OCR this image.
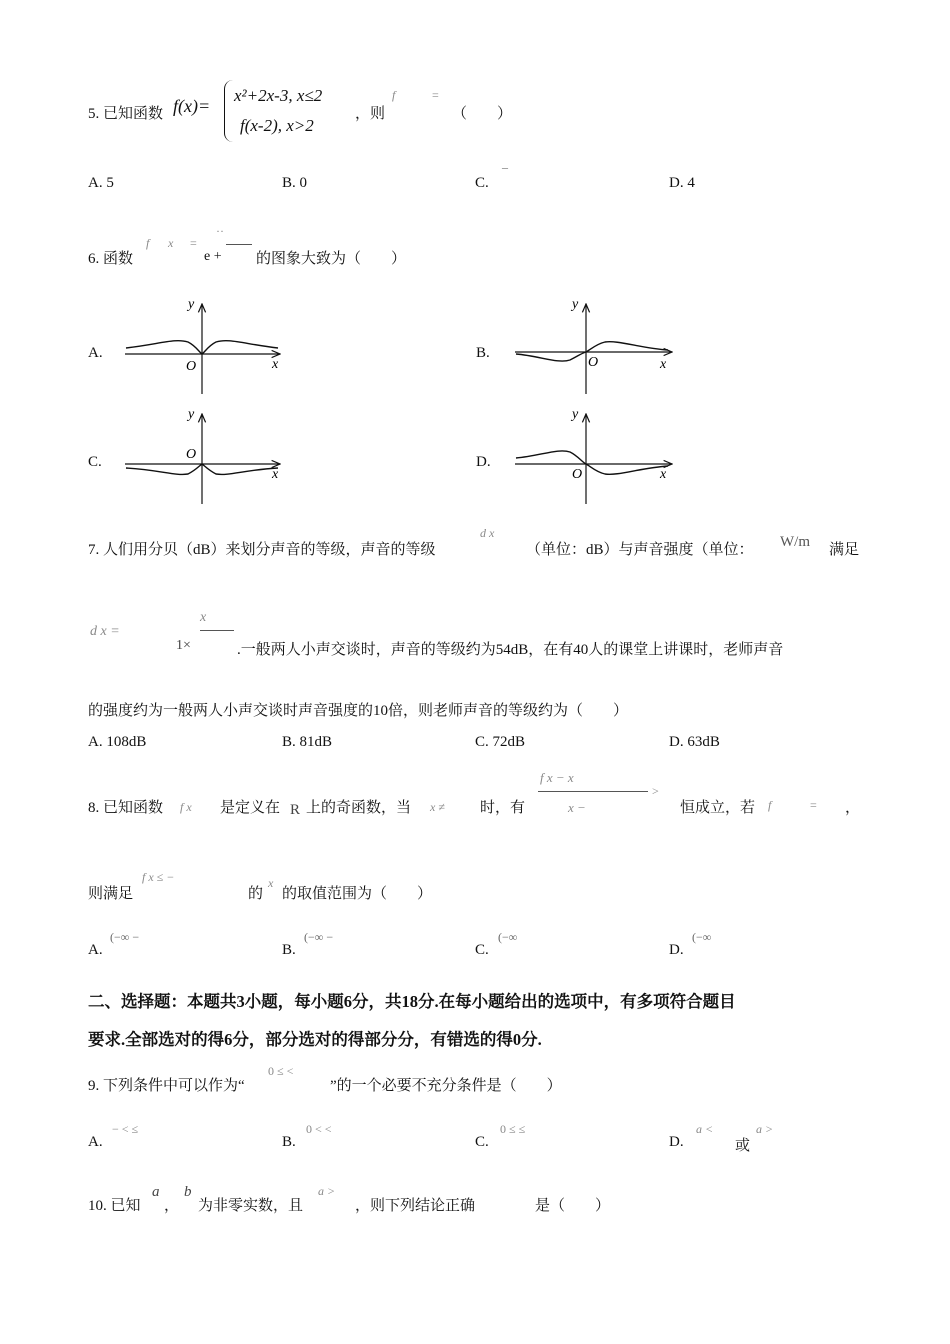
5. 已知函数 f(x)=
x²+2x-3, x≤2
f(x-2), x>2
，则
f	=
（　　）
A. 5	B. 0	C.
–
D. 4
6. 函数
f x =
··
e + 的图象大致为（　　）
A.
y
x
O
B.
y
x
O
C.
y
x
O	D.
y
x
O
7. 人们用分贝（dB）来划分声音的等级，声音的等级
d x
（单位：dB）与声音强度（单位： W/m 满足
d x =
x
1×	.一般两人小声交谈时，声音的等级约为54dB，在有40人的课堂上讲课时，老师声音
的强度约为一般两人小声交谈时声音强度的10倍，则老师声音的等级约为（　　）
A. 108dB	B. 81dB	C. 72dB	D. 63dB
8. 已知函数 f x 是定义在 R 上的奇函数，当 x ≠ 时，有
f x − x
x −
>
恒成立，若 f	= ，
则满足
f x ≤ −
的
x
的取值范围为（　　）
A.
(−∞ −
B.
(−∞ −
C.
(−∞
D.
(−∞
二、选择题：本题共3小题，每小题6分，共18分.在每小题给出的选项中，有多项符合题目
要求.全部选对的得6分，部分选对的得部分分，有错选的得0分.
9. 下列条件中可以作为“
0 ≤ <
”的一个必要不充分条件是（　　）
A.
− < ≤
B.
0 < <
C.
0 ≤ ≤
D.
a <
或
a >
10. 已知
a
，
b
为非零实数，且
a >
，则下列结论正确	是（　　）
